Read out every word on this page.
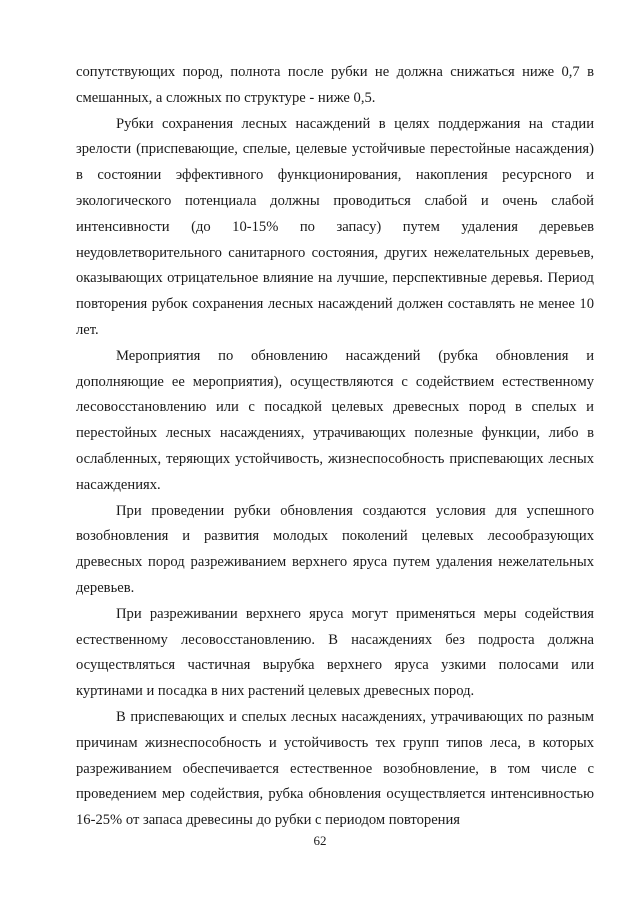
сопутствующих пород, полнота после рубки не должна снижаться ниже 0,7 в смешанных, а сложных по структуре - ниже 0,5.

Рубки сохранения лесных насаждений в целях поддержания на стадии зрелости (приспевающие, спелые, целевые устойчивые перестойные насаждения) в состоянии эффективного функционирования, накопления ресурсного и экологического потенциала должны проводиться слабой и очень слабой интенсивности (до 10-15% по запасу) путем удаления деревьев неудовлетворительного санитарного состояния, других нежелательных деревьев, оказывающих отрицательное влияние на лучшие, перспективные деревья. Период повторения рубок сохранения лесных насаждений должен составлять не менее 10 лет.

Мероприятия по обновлению насаждений (рубка обновления и дополняющие ее мероприятия), осуществляются с содействием естественному лесовосстановлению или с посадкой целевых древесных пород в спелых и перестойных лесных насаждениях, утрачивающих полезные функции, либо в ослабленных, теряющих устойчивость, жизнеспособность приспевающих лесных насаждениях.

При проведении рубки обновления создаются условия для успешного возобновления и развития молодых поколений целевых лесообразующих древесных пород разреживанием верхнего яруса путем удаления нежелательных деревьев.

При разреживании верхнего яруса могут применяться меры содействия естественному лесовосстановлению. В насаждениях без подроста должна осуществляться частичная вырубка верхнего яруса узкими полосами или куртинами и посадка в них растений целевых древесных пород.

В приспевающих и спелых лесных насаждениях, утрачивающих по разным причинам жизнеспособность и устойчивость тех групп типов леса, в которых разреживанием обеспечивается естественное возобновление, в том числе с проведением мер содействия, рубка обновления осуществляется интенсивностью 16-25% от запаса древесины до рубки с периодом повторения

62
